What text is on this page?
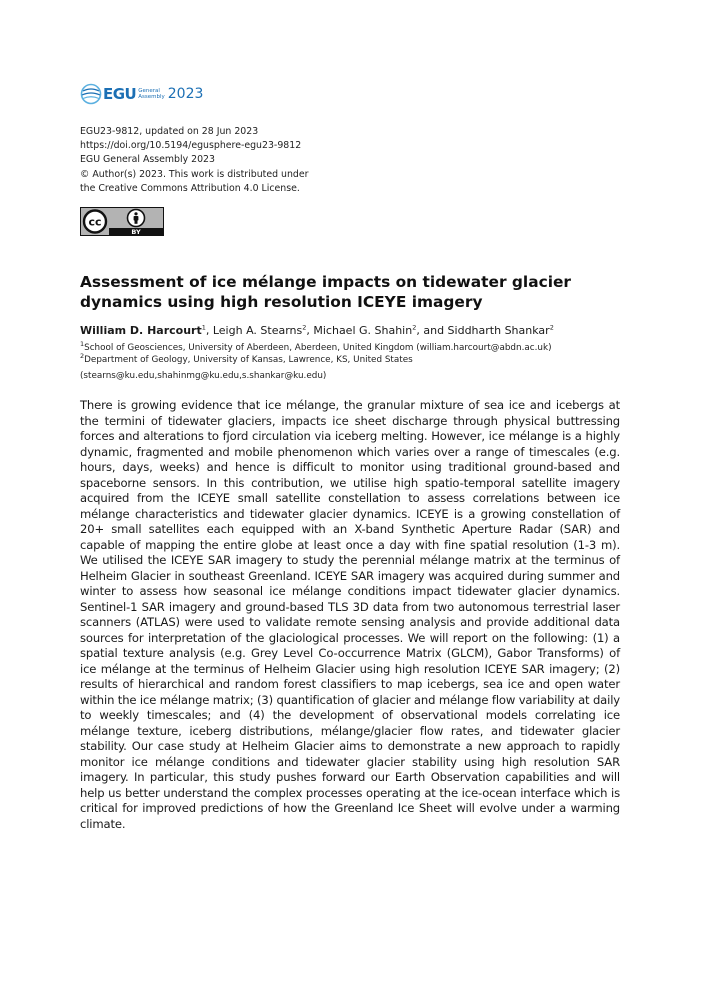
EGU General
Assembly 2023
EGU23-9812, updated on 28 Jun 2023
https://doi.org/10.5194/egusphere-egu23-9812
EGU General Assembly 2023
© Author(s) 2023. This work is distributed under
the Creative Commons Attribution 4.0 License.
cc
BY
Assessment of ice mélange impacts on tidewater glacier dynamics using high resolution ICEYE imagery
William D. Harcourt$^1$, Leigh A. Stearns$^2$, Michael G. Shahin$^2$, and Siddharth Shankar$^2$
$^1$School of Geosciences, University of Aberdeen, Aberdeen, United Kingdom (william.harcourt@abdn.ac.uk)
$^2$Department of Geology, University of Kansas, Lawrence, KS, United States
(stearns@ku.edu,shahinmg@ku.edu,s.shankar@ku.edu)
There is growing evidence that ice mélange, the granular mixture of sea ice and icebergs at the termini of tidewater glaciers, impacts ice sheet discharge through physical buttressing forces and alterations to fjord circulation via iceberg melting. However, ice mélange is a highly dynamic, fragmented and mobile phenomenon which varies over a range of timescales (e.g. hours, days, weeks) and hence is difficult to monitor using traditional ground-based and spaceborne sensors. In this contribution, we utilise high spatio-temporal satellite imagery acquired from the ICEYE small satellite constellation to assess correlations between ice mélange characteristics and tidewater glacier dynamics. ICEYE is a growing constellation of 20+ small satellites each equipped with an X-band Synthetic Aperture Radar (SAR) and capable of mapping the entire globe at least once a day with fine spatial resolution (1-3 m). We utilised the ICEYE SAR imagery to study the perennial mélange matrix at the terminus of Helheim Glacier in southeast Greenland. ICEYE SAR imagery was acquired during summer and winter to assess how seasonal ice mélange conditions impact tidewater glacier dynamics. Sentinel-1 SAR imagery and ground-based TLS 3D data from two autonomous terrestrial laser scanners (ATLAS) were used to validate remote sensing analysis and provide additional data sources for interpretation of the glaciological processes. We will report on the following: (1) a spatial texture analysis (e.g. Grey Level Co-occurrence Matrix (GLCM), Gabor Transforms) of ice mélange at the terminus of Helheim Glacier using high resolution ICEYE SAR imagery; (2) results of hierarchical and random forest classifiers to map icebergs, sea ice and open water within the ice mélange matrix; (3) quantification of glacier and mélange flow variability at daily to weekly timescales; and (4) the development of observational models correlating ice mélange texture, iceberg distributions, mélange/glacier flow rates, and tidewater glacier stability. Our case study at Helheim Glacier aims to demonstrate a new approach to rapidly monitor ice mélange conditions and tidewater glacier stability using high resolution SAR imagery. In particular, this study pushes forward our Earth Observation capabilities and will help us better understand the complex processes operating at the ice-ocean interface which is critical for improved predictions of how the Greenland Ice Sheet will evolve under a warming climate.
